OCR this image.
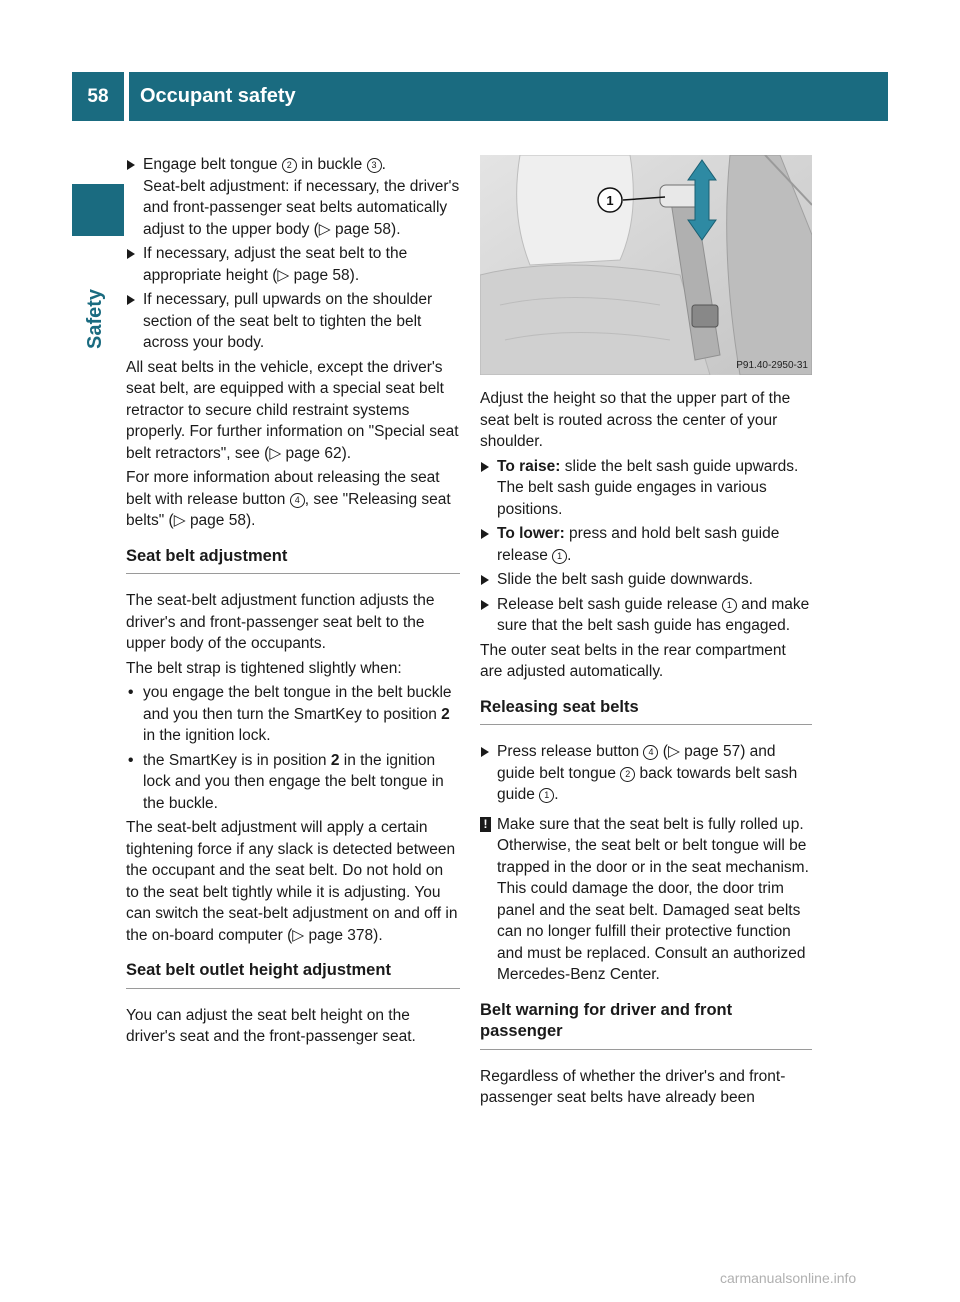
58	Occupant safety
Safety
Engage belt tongue 2 in buckle 3 .
Seat-belt adjustment: if necessary, the driver's and front-passenger seat belts automatically adjust to the upper body (▷ page 58).
If necessary, adjust the seat belt to the appropriate height (▷ page 58).
If necessary, pull upwards on the shoulder section of the seat belt to tighten the belt across your body.

All seat belts in the vehicle, except the driver's seat belt, are equipped with a special seat belt retractor to secure child restraint systems properly. For further information on "Special seat belt retractors", see (▷ page 62).

For more information about releasing the seat belt with release button 4 , see "Releasing seat belts" (▷ page 58).

Seat belt adjustment

The seat-belt adjustment function adjusts the driver's and front-passenger seat belt to the upper body of the occupants.

The belt strap is tightened slightly when:

• you engage the belt tongue in the belt buckle and you then turn the SmartKey to position 2 in the ignition lock.
• the SmartKey is in position 2 in the ignition lock and you then engage the belt tongue in the buckle.

The seat-belt adjustment will apply a certain tightening force if any slack is detected between the occupant and the seat belt. Do not hold on to the seat belt tightly while it is adjusting. You can switch the seat-belt adjustment on and off in the on-board computer (▷ page 378).

Seat belt outlet height adjustment

You can adjust the seat belt height on the driver's seat and the front-passenger seat.

1
P91.40-2950-31

Adjust the height so that the upper part of the seat belt is routed across the center of your shoulder.

To raise: slide the belt sash guide upwards. The belt sash guide engages in various positions.
To lower: press and hold belt sash guide release 1 .
Slide the belt sash guide downwards.
Release belt sash guide release 1 and make sure that the belt sash guide has engaged.

The outer seat belts in the rear compartment are adjusted automatically.

Releasing seat belts
Press release button 4 (▷ page 57) and guide belt tongue 2 back towards belt sash guide 1 .
! Make sure that the seat belt is fully rolled up. Otherwise, the seat belt or belt tongue will be trapped in the door or in the seat mechanism. This could damage the door, the door trim panel and the seat belt. Damaged seat belts can no longer fulfill their protective function and must be replaced. Consult an authorized Mercedes-Benz Center.
Belt warning for driver and front passenger

Regardless of whether the driver's and front-passenger seat belts have already been

carmanualsonline.info
